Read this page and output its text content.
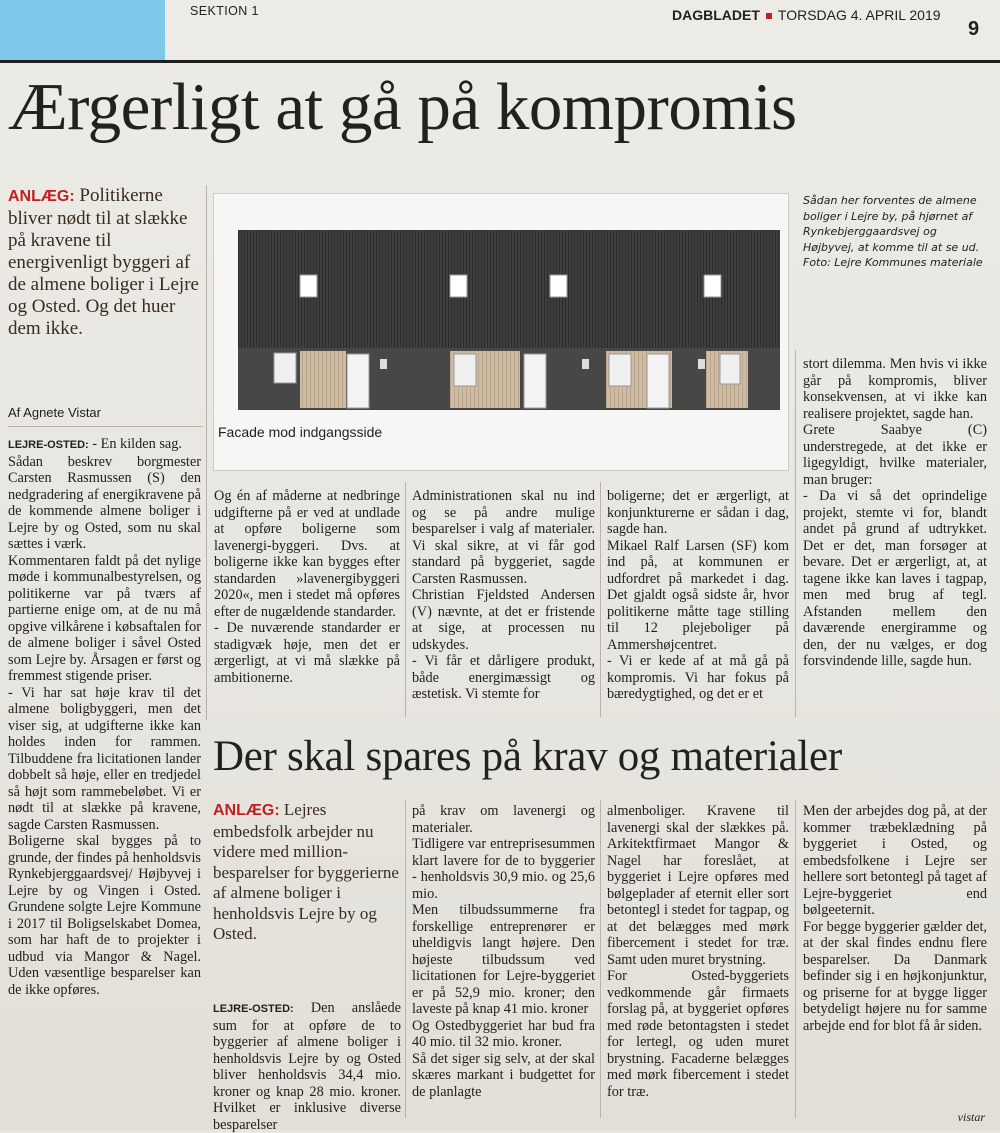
SEKTION 1	DAGBLADET TORSDAG 4. APRIL 2019
9
Ærgerligt at gå på kompromis
ANLÆG: Politikerne bliver nødt til at slække på kravene til energivenligt byggeri af de almene boliger i Lejre og Osted. Og det huer dem ikke.
Af Agnete Vistar

LEJRE-OSTED: - En kilden sag.

Sådan beskrev borgmester Carsten Rasmussen (S) den nedgradering af energikravene på de kommende almene boliger i Lejre by og Osted, som nu skal sættes i værk.

Kommentaren faldt på det nylige møde i kommunalbestyrelsen, og politikerne var på tværs af partierne enige om, at de nu må opgive vilkårene i købsaftalen for de almene boliger i såvel Osted som Lejre by. Årsagen er først og fremmest stigende priser.

- Vi har sat høje krav til det almene boligbyggeri, men det viser sig, at udgifterne ikke kan holdes inden for rammen. Tilbuddene fra licitationen lander dobbelt så høje, eller en tredjedel så højt som rammebeløbet. Vi er nødt til at slække på kravene, sagde Carsten Rasmussen.

Boligerne skal bygges på to grunde, der findes på henholdsvis Rynkebjerggaardsvej/ Højbyvej i Lejre by og Vingen i Osted. Grundene solgte Lejre Kommune i 2017 til Boligselskabet Domea, som har haft de to projekter i udbud via Mangor & Nagel. Uden væsentlige besparelser kan de ikke opføres.

Facade mod indgangsside
Sådan her forventes de almene boliger i Lejre by, på hjørnet af Rynkebjerggaardsvej og Højbyvej, at komme til at se ud. Foto: Lejre Kommunes materiale

Og én af måderne at nedbringe udgifterne på er ved at undlade at opføre boligerne som lavenergi-byggeri. Dvs. at boligerne ikke kan bygges efter standarden »lavenergibyggeri 2020«, men i stedet må opføres efter de nugældende standarder.

- De nuværende standarder er stadigvæk høje, men det er ærgerligt, at vi må slække på ambitionerne.

Administrationen skal nu ind og se på andre mulige besparelser i valg af materialer. Vi skal sikre, at vi får god standard på byggeriet, sagde Carsten Rasmussen.

Christian Fjeldsted Andersen (V) nævnte, at det er fristende at sige, at processen nu udskydes.

- Vi får et dårligere produkt, både energimæssigt og æstetisk. Vi stemte for

boligerne; det er ærgerligt, at konjunkturerne er sådan i dag, sagde han.

Mikael Ralf Larsen (SF) kom ind på, at kommunen er udfordret på markedet i dag. Det gjaldt også sidste år, hvor politikerne måtte tage stilling til 12 plejeboliger på Ammershøjcentret.

- Vi er kede af at må gå på kompromis. Vi har fokus på bæredygtighed, og det er et

stort dilemma. Men hvis vi ikke går på kompromis, bliver konsekvensen, at vi ikke kan realisere projektet, sagde han.

Grete Saabye (C) understregede, at det ikke er ligegyldigt, hvilke materialer, man bruger:

- Da vi så det oprindelige projekt, stemte vi for, blandt andet på grund af udtrykket. Det er det, man forsøger at bevare. Det er ærgerligt, at, at tagene ikke kan laves i tagpap, men med brug af tegl. Afstanden mellem den daværende energiramme og den, der nu vælges, er dog forsvindende lille, sagde hun.

Der skal spares på krav og materialer
ANLÆG: Lejres embedsfolk arbejder nu videre med million-besparelser for byggerierne af almene boliger i henholdsvis Lejre by og Osted.

LEJRE-OSTED: Den anslåede sum for at opføre de to byggerier af almene boliger i henholdsvis Lejre by og Osted bliver henholdsvis 34,4 mio. kroner og knap 28 mio. kroner. Hvilket er inklusive diverse besparelser

på krav om lavenergi og materialer.

Tidligere var entreprisesummen klart lavere for de to byggerier - henholdsvis 30,9 mio. og 25,6 mio.

Men tilbudssummerne fra forskellige entreprenører er uheldigvis langt højere. Den højeste tilbudssum ved licitationen for Lejre-byggeriet er på 52,9 mio. kroner; den laveste på knap 41 mio. kroner

Og Ostedbyggeriet har bud fra 40 mio. til 32 mio. kroner.

Så det siger sig selv, at der skal skæres markant i budgettet for de planlagte

almenboliger. Kravene til lavenergi skal der slækkes på. Arkitektfirmaet Mangor & Nagel har foreslået, at byggeriet i Lejre opføres med bølgeplader af eternit eller sort betontegl i stedet for tagpap, og at det belægges med mørk fibercement i stedet for træ. Samt uden muret brystning.

For Osted-byggeriets vedkommende går firmaets forslag på, at byggeriet opføres med røde betontagsten i stedet for lertegl, og uden muret brystning. Facaderne belægges med mørk fibercement i stedet for træ.

Men der arbejdes dog på, at der kommer træbeklædning på byggeriet i Osted, og embedsfolkene i Lejre ser hellere sort betontegl på taget af Lejre-byggeriet end bølgeeternit.

For begge byggerier gælder det, at der skal findes endnu flere besparelser. Da Danmark befinder sig i en højkonjunktur, og priserne for at bygge ligger betydeligt højere nu for samme arbejde end for blot få år siden.

vistar
